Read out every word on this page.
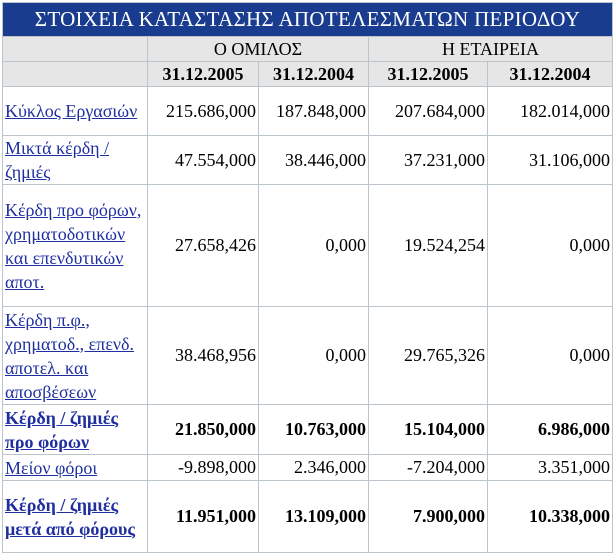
ΣΤΟΙΧΕΙΑ ΚΑΤΑΣΤΑΣΗΣ ΑΠΟΤΕΛΕΣΜΑΤΩΝ ΠΕΡΙΟΔΟΥ				
	Ο ΟΜΙΛΟΣ		Η ΕΤΑΙΡΕΙΑ	
	31.12.2005	31.12.2004	31.12.2005	31.12.2004
Κύκλος Εργασιών	215.686,000	187.848,000	207.684,000	182.014,000
Μικτά κέρδη / ζημιές	47.554,000	38.446,000	37.231,000	31.106,000
Κέρδη προ φόρων, χρηματοδοτικών και επενδυτικών αποτ.	27.658,426	0,000	19.524,254	0,000
Κέρδη π.φ., χρηματοδ., επενδ. αποτελ. και αποσβέσεων	38.468,956	0,000	29.765,326	0,000
Κέρδη / ζημιές προ φόρων	21.850,000	10.763,000	15.104,000	6.986,000
Μείον φόροι	-9.898,000	2.346,000	-7.204,000	3.351,000
Κέρδη / ζημιές μετά από φόρους	11.951,000	13.109,000	7.900,000	10.338,000
